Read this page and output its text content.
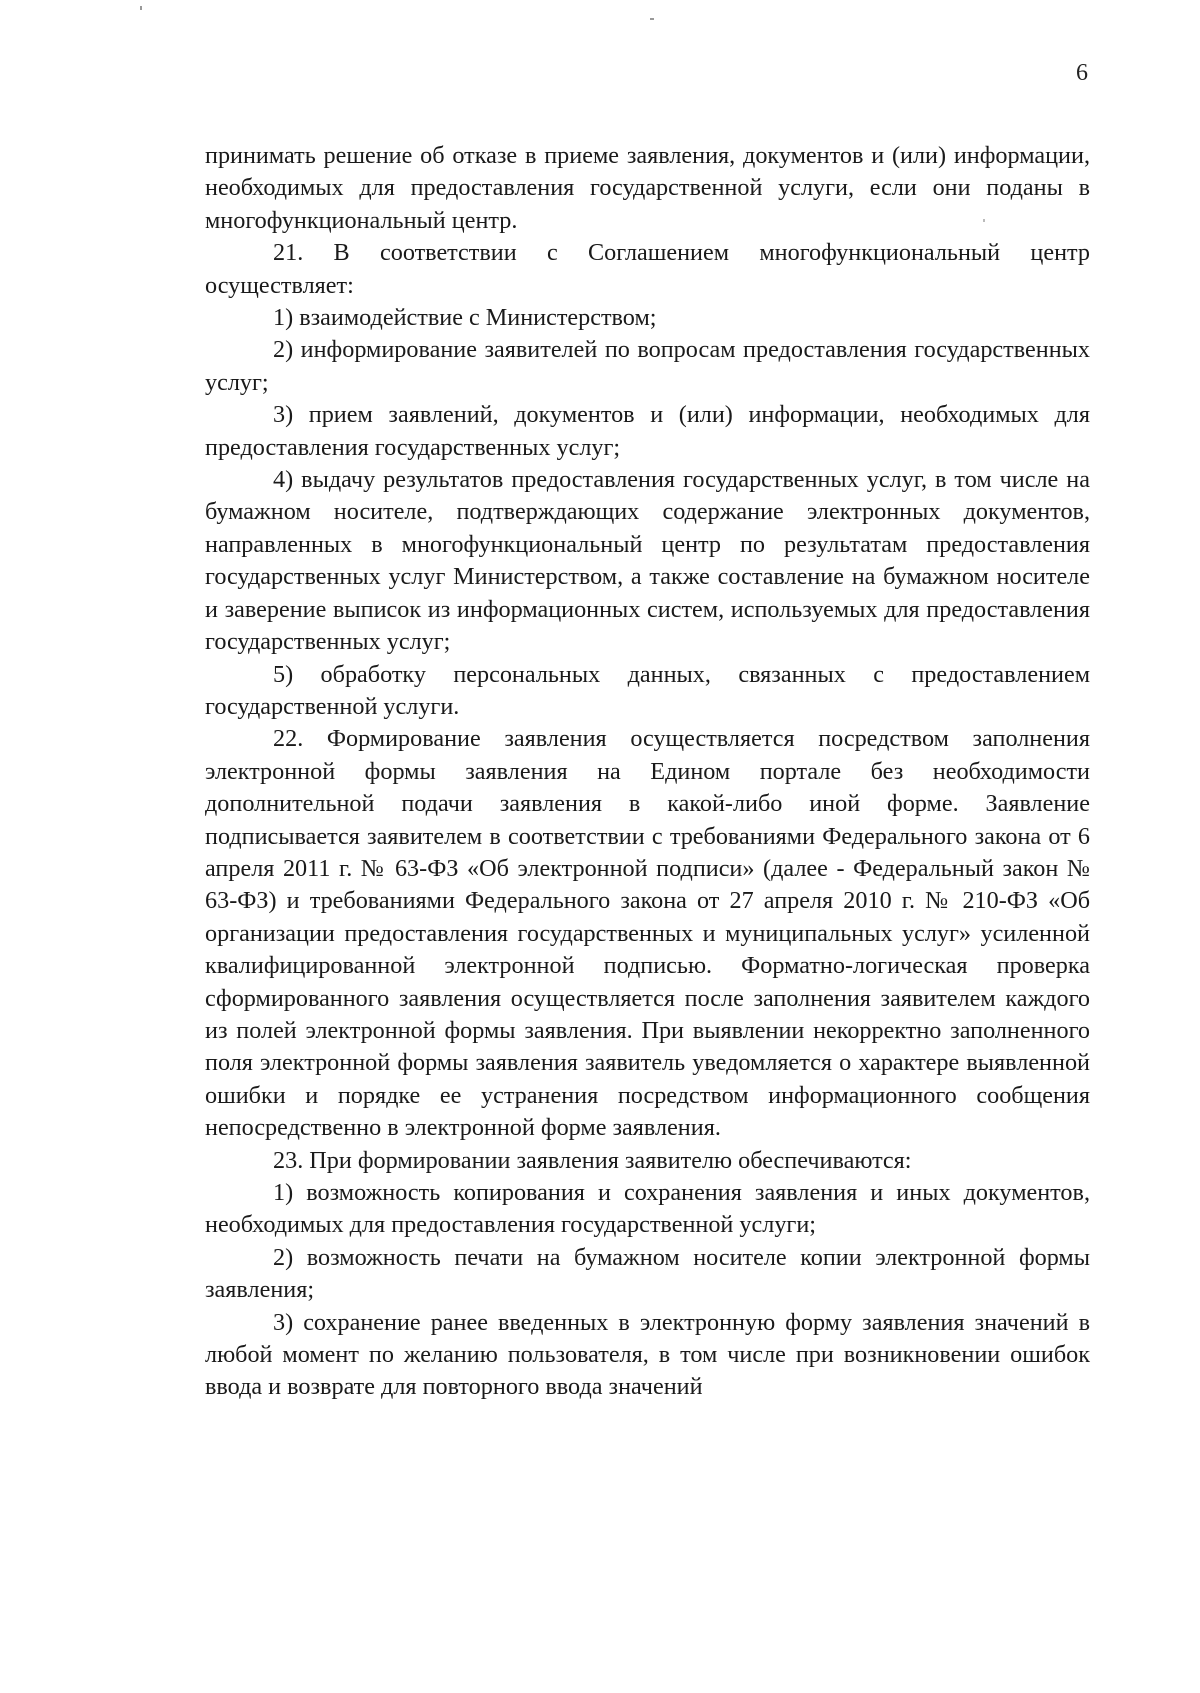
6

принимать решение об отказе в приеме заявления, документов и (или) информации, необходимых для предоставления государственной услуги, если они поданы в многофункциональный центр.

21. В соответствии с Соглашением многофункциональный центр осуществляет:

1) взаимодействие с Министерством;

2) информирование заявителей по вопросам предоставления государственных услуг;

3) прием заявлений, документов и (или) информации, необходимых для предоставления государственных услуг;

4) выдачу результатов предоставления государственных услуг, в том числе на бумажном носителе, подтверждающих содержание электронных документов, направленных в многофункциональный центр по результатам предоставления государственных услуг Министерством, а также составление на бумажном носителе и заверение выписок из информационных систем, используемых для предоставления государственных услуг;

5) обработку персональных данных, связанных с предоставлением государственной услуги.

22. Формирование заявления осуществляется посредством заполнения электронной формы заявления на Едином портале без необходимости дополнительной подачи заявления в какой-либо иной форме. Заявление подписывается заявителем в соответствии с требованиями Федерального закона от 6 апреля 2011 г. № 63-ФЗ «Об электронной подписи» (далее - Федеральный закон № 63-ФЗ) и требованиями Федерального закона от 27 апреля 2010 г. № 210-ФЗ «Об организации предоставления государственных и муниципальных услуг» усиленной квалифицированной электронной подписью. Форматно-логическая проверка сформированного заявления осуществляется после заполнения заявителем каждого из полей электронной формы заявления. При выявлении некорректно заполненного поля электронной формы заявления заявитель уведомляется о характере выявленной ошибки и порядке ее устранения посредством информационного сообщения непосредственно в электронной форме заявления.

23. При формировании заявления заявителю обеспечиваются:

1) возможность копирования и сохранения заявления и иных документов, необходимых для предоставления государственной услуги;

2) возможность печати на бумажном носителе копии электронной формы заявления;

3) сохранение ранее введенных в электронную форму заявления значений в любой момент по желанию пользователя, в том числе при возникновении ошибок ввода и возврате для повторного ввода значений
